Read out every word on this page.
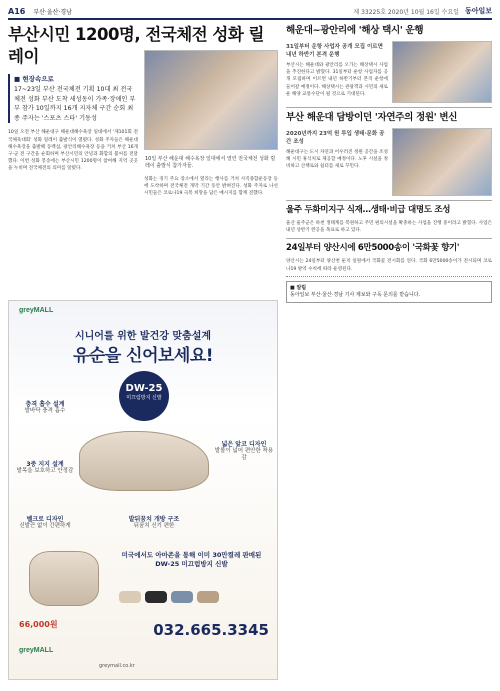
A16 부산·울산·경남	제 33225호 2020년 10월 16일 수요일 동아일보
부산시민 1200명, 전국체전 성화 릴레이
■ 현장속으로

17~23일 부산 전국체전 기획 10대 최 전국체전 성화 부산 도착 세성동이 가족·장애인 부부 참가 10일까지 16개 지자체 구간 순회 최종 주자는 '스포츠 스타' 기동성

10일 오전 부산 해운대구 해운대해수욕장 일대에서 '제101회 전국체육대회' 성화 릴레이 출발식이 열렸다. 성화 주자들은 해운대해수욕장을 출발해 동백섬, 광안리해수욕장 등을 거쳐 부산 16개 구·군 전 구간을 순회하며 부산시민의 안녕과 화합의 불씨를 전달했다. 이번 성화 봉송에는 부산시민 1200명이 참여해 지역 곳곳을 누비며 전국체전의 의미를 알렸다.
10일 부산 해운대 해수욕장 일대에서 열린 전국체전 성화 릴레이 출발식 참가자들.
성화는 경기 주요 장소에서 열리는 행사를 거쳐 사직종합운동장 등에 도착하며 전국체전 개막 기간 동안 밝혀진다. 성화 주자로 나선 시민들은 코로나19 극복 희망을 담은 메시지를 함께 전했다.
greyMALL
시니어를 위한 발건강 맞춤설계
유순을 신어보세요!
DW-25
미끄럼방지 신발
충격 흡수 설계
발바닥 충격 흡수
3중 지지 설계
발목을 보호하고 안정감
벨크로 디자인
신발끈 없이 간편하게
넓은 앞코 디자인
발볼이 넓어 편안한 착용감
발뒤꿈치 개방 구조
뒤꿈치 신기 편한
미국에서도 아마존을 통해 이미 30만켤레 판매된 DW-25 미끄럼방지 신발
66,000원	032.665.3345
greyMALL
greymall.co.kr
해운대~광안리에 '해상 택시' 운행
31일부터 운항 사업자 공개 모집 이르면 내년 하반기 본격 운행
부산시는 해운대와 광안리를 오가는 해상택시 사업을 추진한다고 밝혔다. 31일부터 운항 사업자를 공개 모집하며 이르면 내년 하반기부터 본격 운항에 들어갈 예정이다. 해상택시는 관광객과 시민의 새로운 해양 교통수단이 될 것으로 기대된다.
부산 해운대 담방이던 '자연주의 정원' 변신
2020년까지 23억 원 투입 생태·문화 공간 조성
해운대구는 도시 자연과 어우러진 정원 공간을 조성해 시민 휴식처로 제공할 예정이다. 노후 시설을 정비하고 산책로와 쉼터를 새로 꾸민다.
울주 두화미지구 식재…생태·비급 대명도 조성
울산 울주군은 하천 생태계를 복원하고 주민 편의시설을 확충하는 사업을 진행 중이라고 밝혔다. 사업은 내년 상반기 완공을 목표로 하고 있다.
24일부터 양산시에 6만5000송이 '국화꽃 향기'
양산시는 24일부터 양산천 둔치 일원에서 국화꽃 전시회를 연다. 국화 6만5000송이가 전시되며 코로나19 방역 수칙에 따라 운영된다.
■ 알림
동아일보 부산·울산·경남 기사 제보와 구독 문의를 받습니다.
